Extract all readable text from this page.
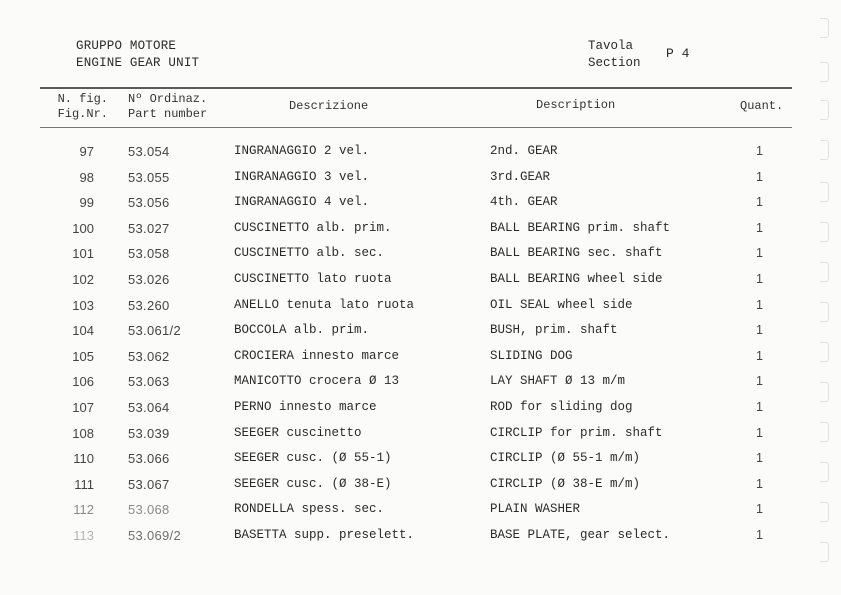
GRUPPO MOTORE
ENGINE GEAR UNIT
Tavola
Section
P 4
N. fig.
Fig.Nr.
Nº Ordinaz.
Part number
Descrizione	Description	Quant.
97	53.054	INGRANAGGIO 2 vel.	2nd. GEAR	1
98	53.055	INGRANAGGIO 3 vel.	3rd.GEAR	1
99	53.056	INGRANAGGIO 4 vel.	4th. GEAR	1
100	53.027	CUSCINETTO alb. prim.	BALL BEARING prim. shaft	1
101	53.058	CUSCINETTO alb. sec.	BALL BEARING sec. shaft	1
102	53.026	CUSCINETTO lato ruota	BALL BEARING wheel side	1
103	53.260	ANELLO tenuta lato ruota	OIL SEAL wheel side	1
104	53.061/2	BOCCOLA alb. prim.	BUSH, prim. shaft	1
105	53.062	CROCIERA innesto marce	SLIDING DOG	1
106	53.063	MANICOTTO crocera Ø 13	LAY SHAFT Ø 13 m/m	1
107	53.064	PERNO innesto marce	ROD for sliding dog	1
108	53.039	SEEGER cuscinetto	CIRCLIP for prim. shaft	1
110	53.066	SEEGER cusc. (Ø 55-1)	CIRCLIP (Ø 55-1 m/m)	1
111	53.067	SEEGER cusc. (Ø 38-E)	CIRCLIP (Ø 38-E m/m)	1
112	53.068	RONDELLA spess. sec.	PLAIN WASHER	1
113	53.069/2	BASETTA supp. preselett.	BASE PLATE, gear select.	1
